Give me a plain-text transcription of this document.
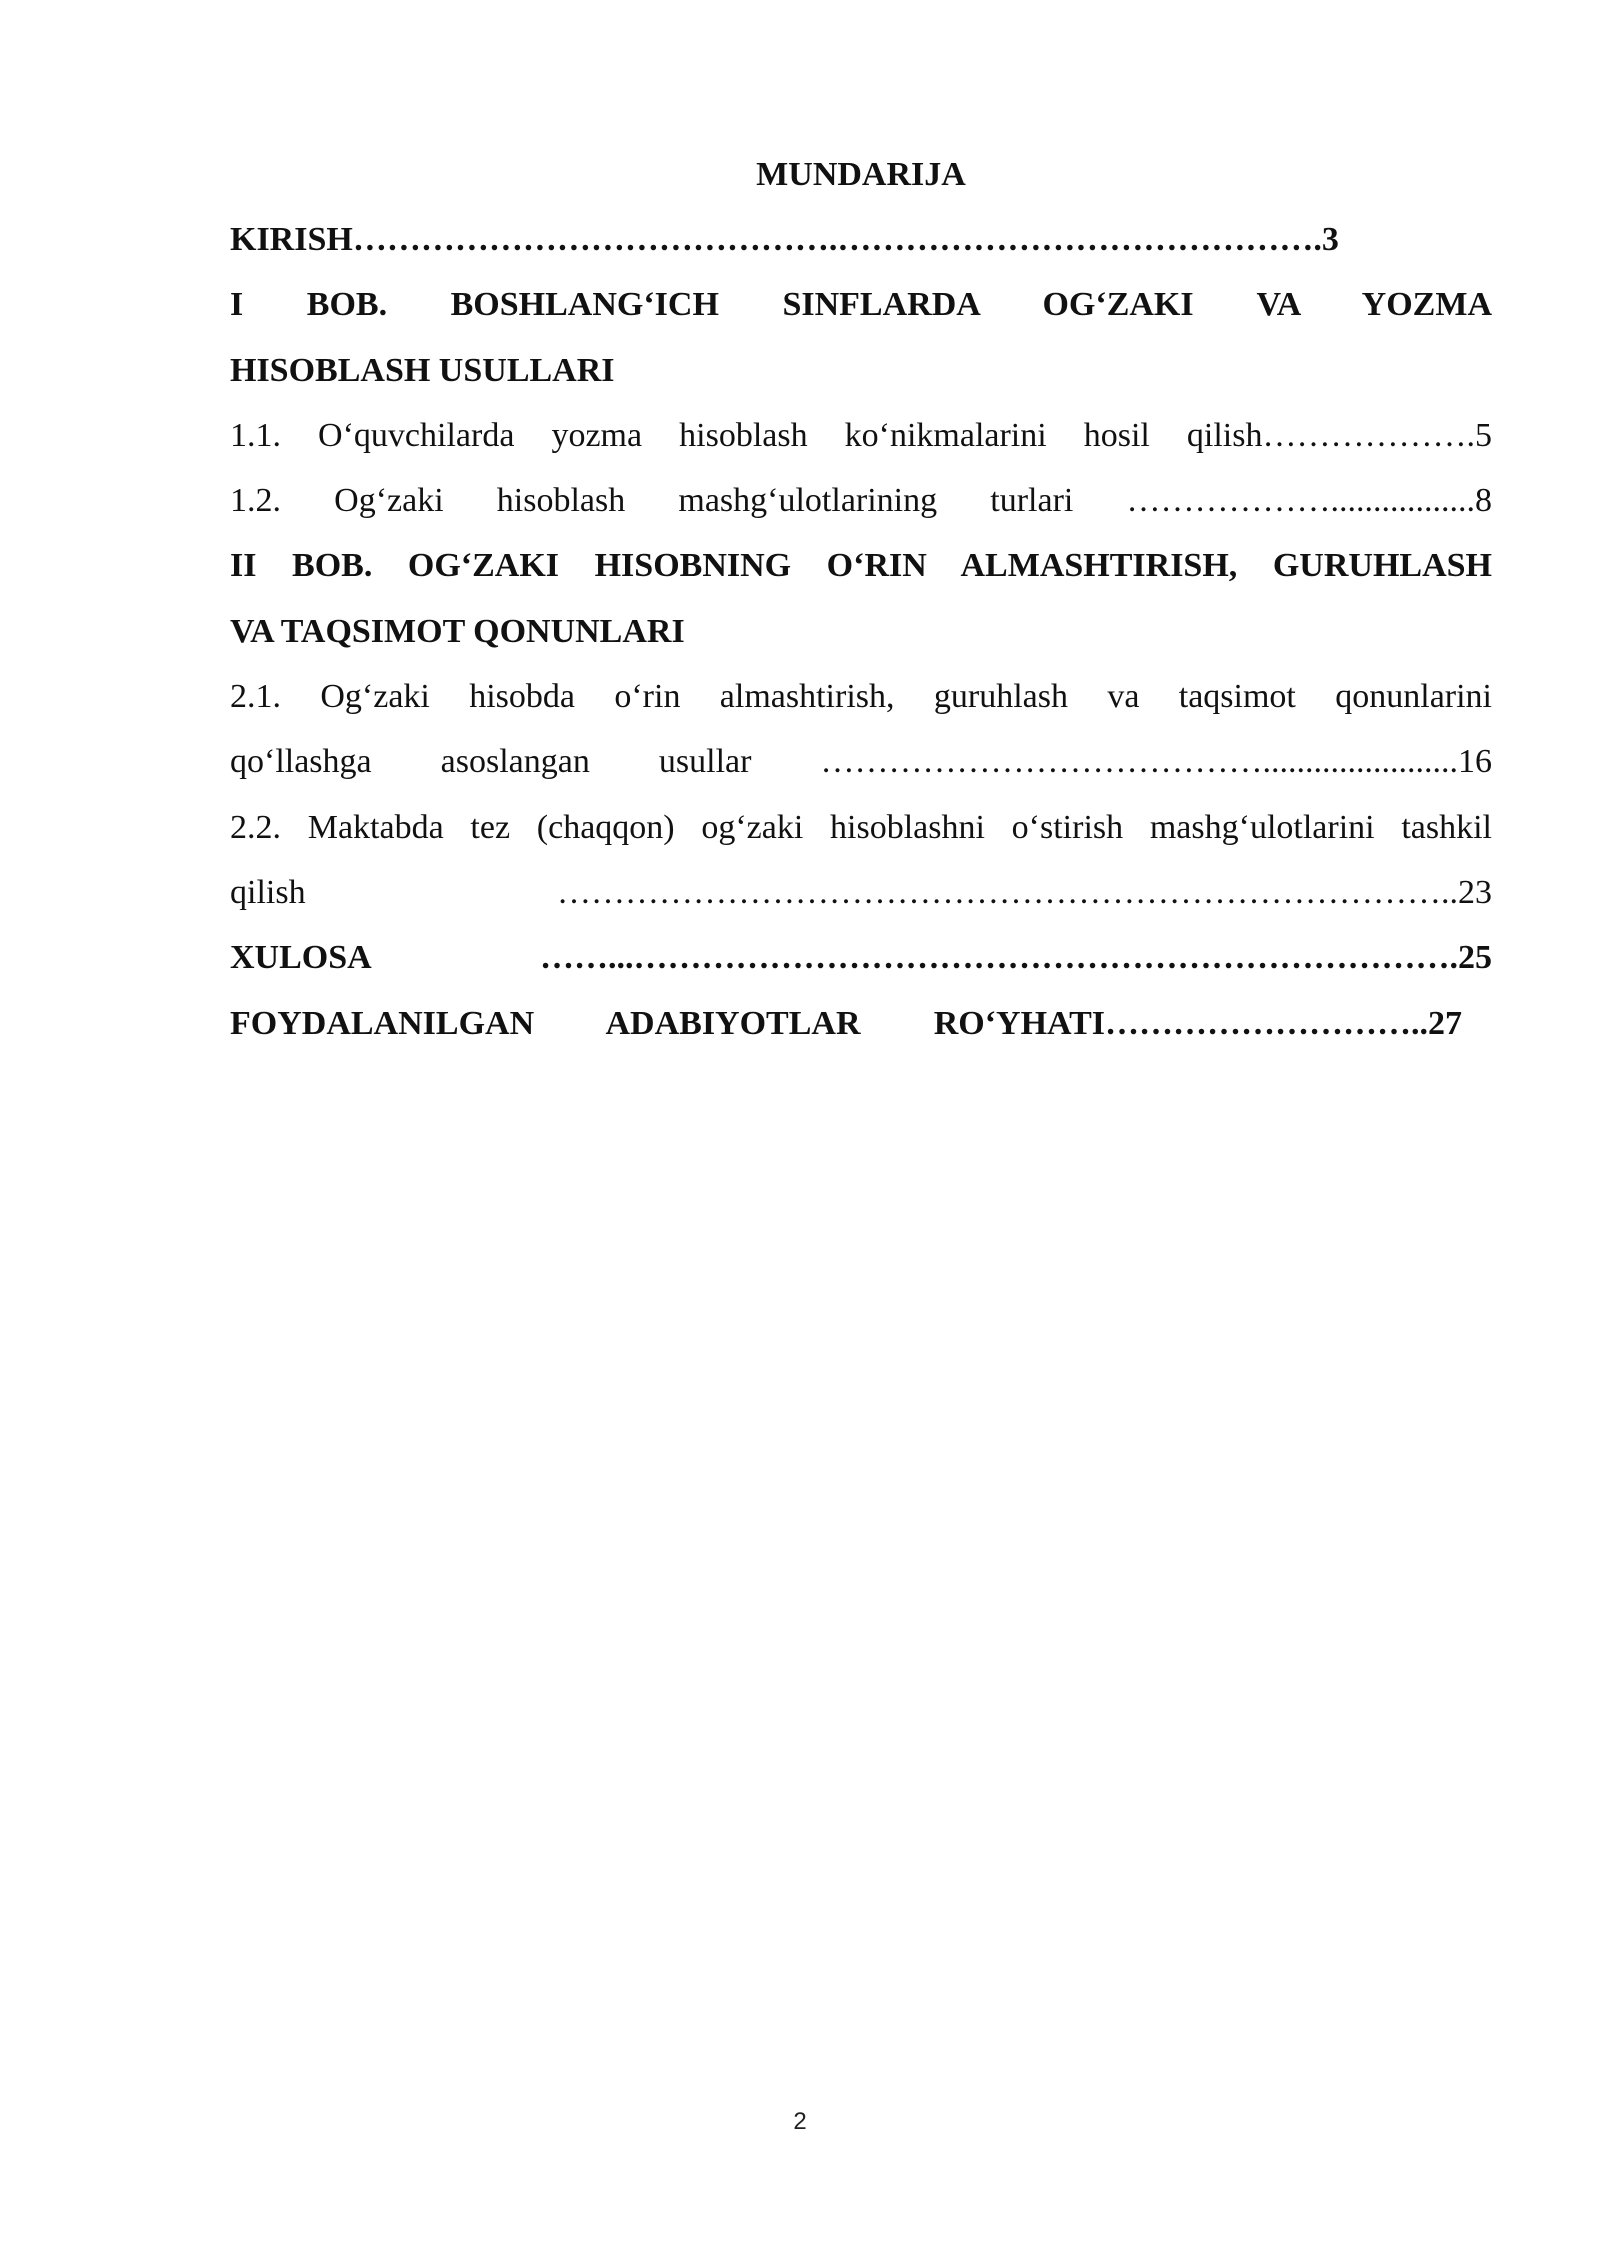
MUNDARIJA
KIRISH…………………………………….…………………………………….3
I BOB. BOSHLANG‘ICH SINFLARDA OG‘ZAKI VA YOZMA
HISOBLASH USULLARI
1.1. O‘quvchilarda yozma hisoblash ko‘nikmalarini hosil qilish……………….5
1.2. Og‘zaki hisoblash mashg‘ulotlarining turlari ……………….................8
II BOB. OG‘ZAKI HISOBNING O‘RIN ALMASHTIRISH, GURUHLASH
VA TAQSIMOT QONUNLARI
2.1. Og‘zaki hisobda o‘rin almashtirish, guruhlash va taqsimot qonunlarini
qo‘llashga asoslangan usullar ………………………………….......................16
2.2. Maktabda tez (chaqqon) og‘zaki hisoblashni o‘stirish mashg‘ulotlarini tashkil
qilish ……………………………………………………………………..23
XULOSA ……...……………………………………………………………….25
FOYDALANILGAN ADABIYOTLAR RO‘YHATI………………………..27
2
